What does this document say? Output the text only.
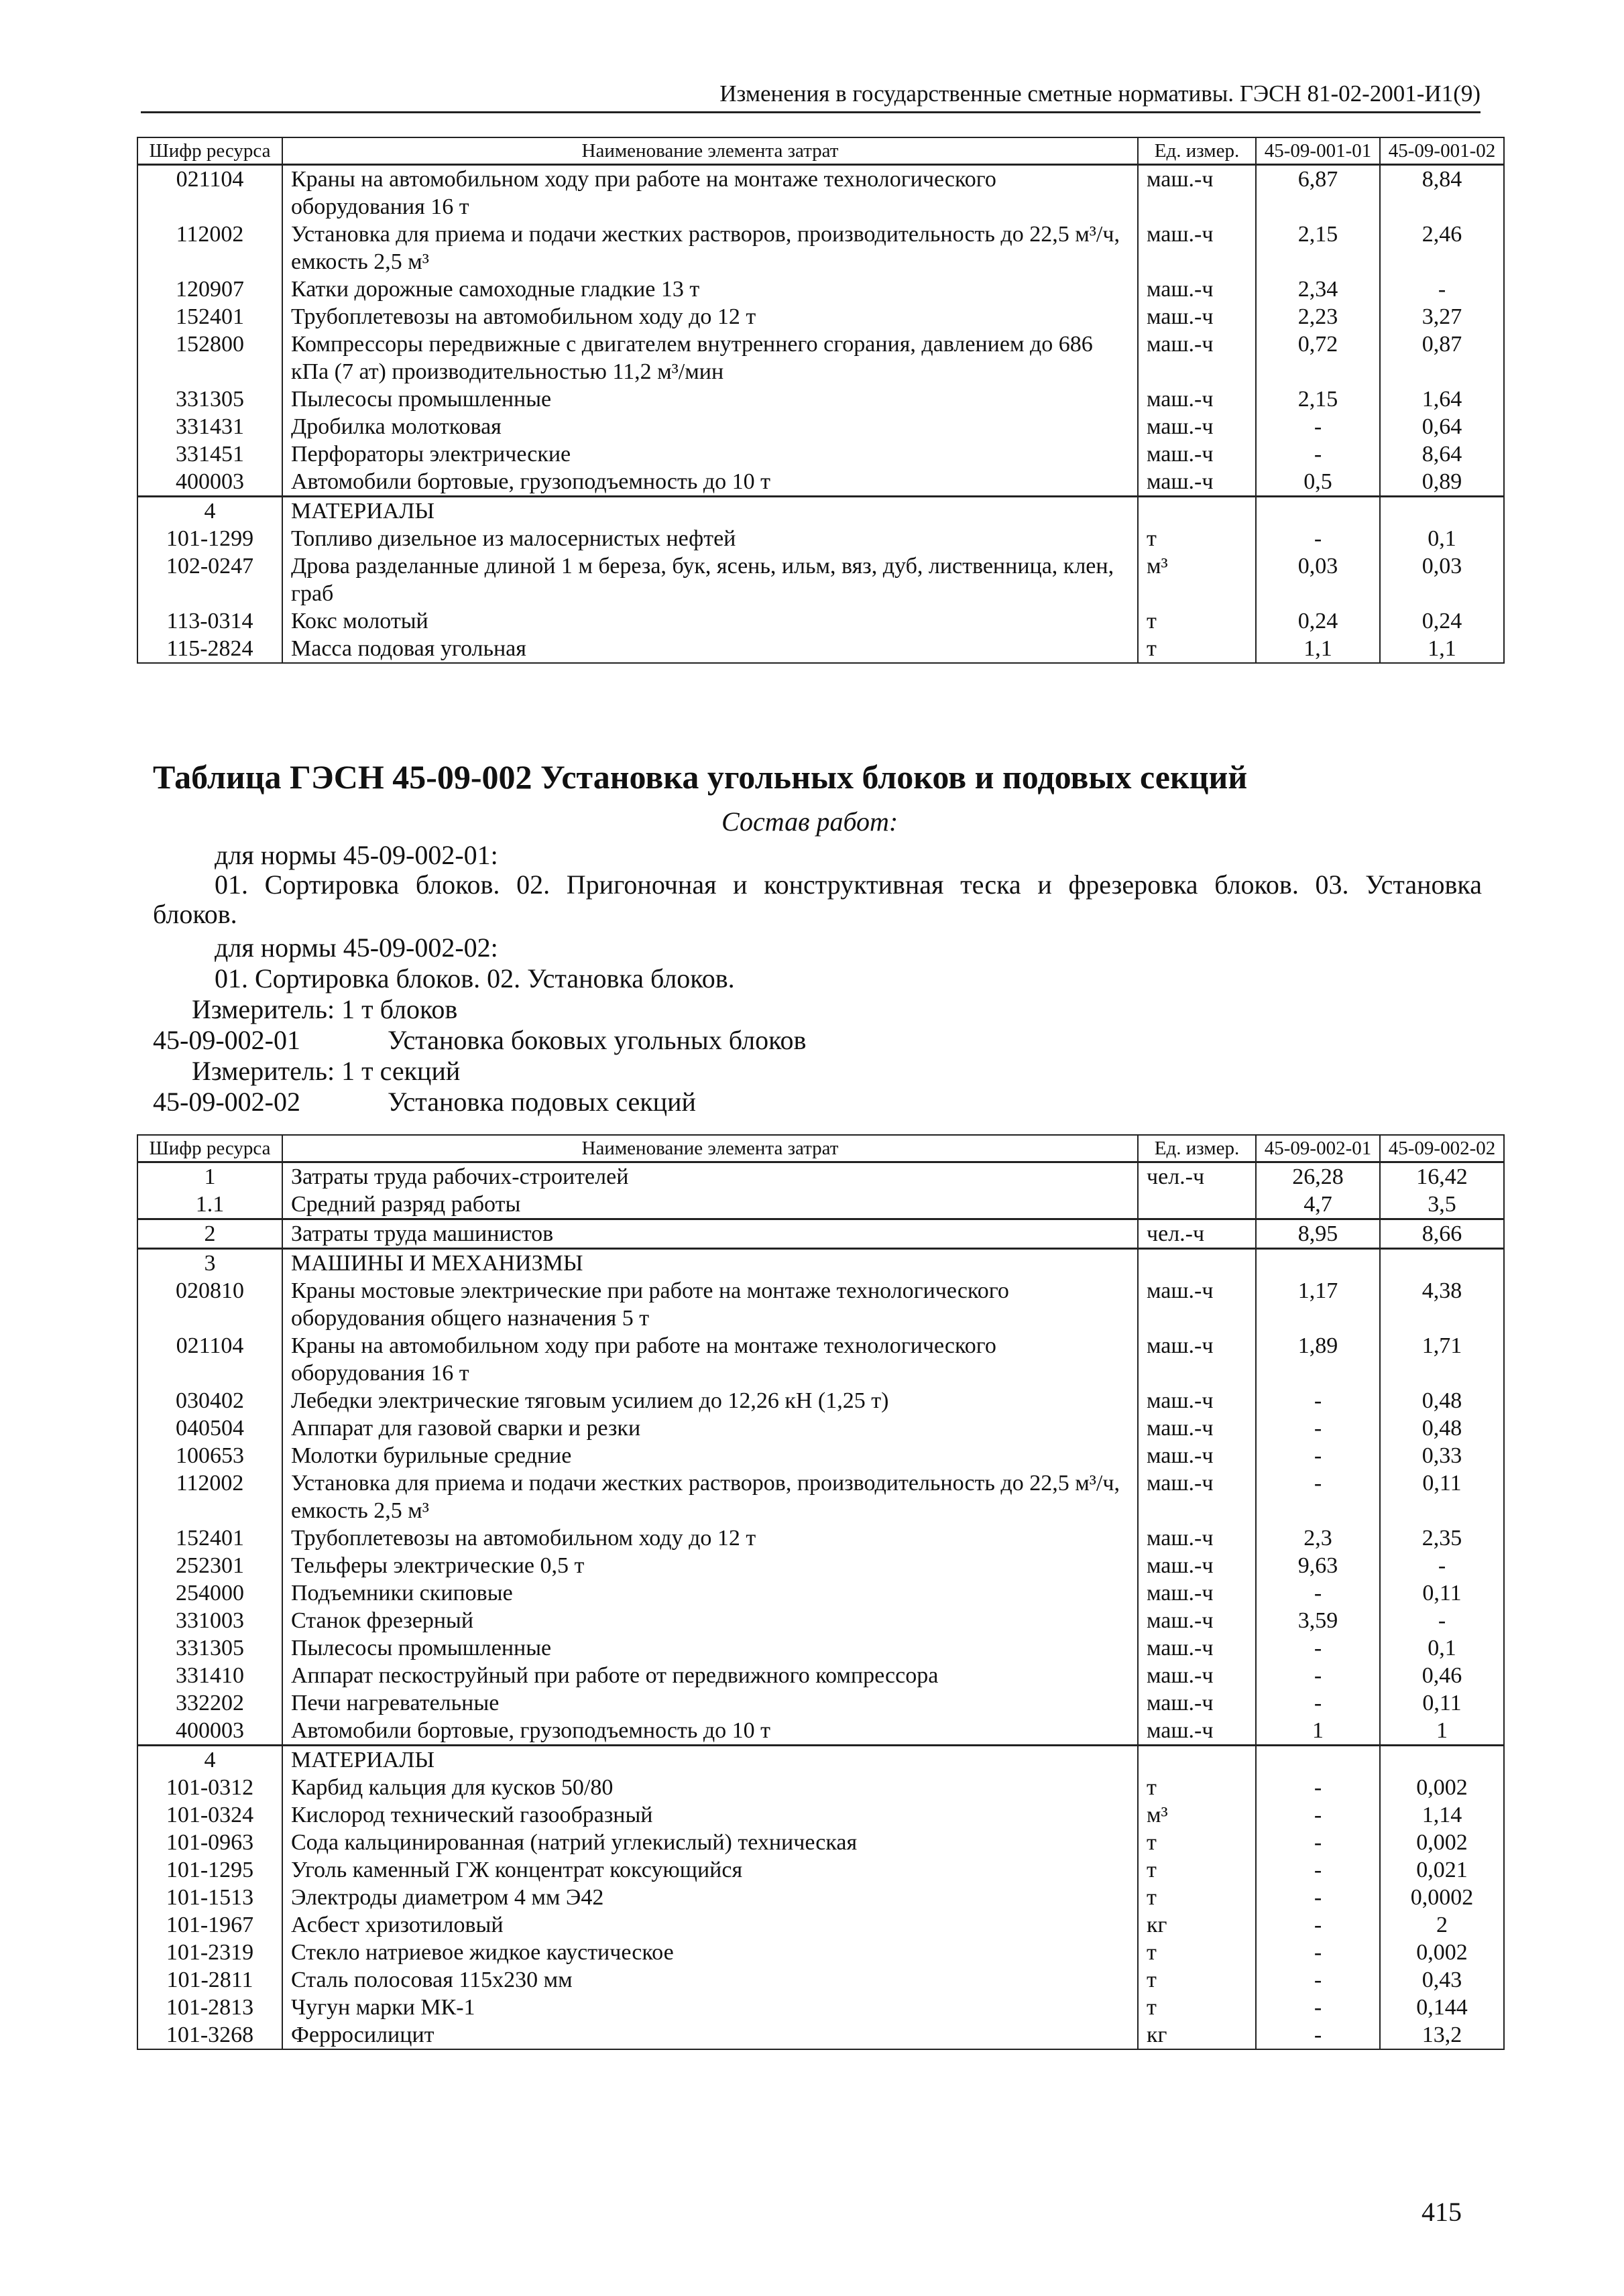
Изменения в государственные сметные нормативы. ГЭСН 81-02-2001-И1(9)
Шифр ресурса	Наименование элемента затрат	Ед. измер.	45-09-001-01	45-09-001-02
021104	Краны на автомобильном ходу при работе на монтаже технологического оборудования 16 т	маш.-ч	6,87	8,84
112002	Установка для приема и подачи жестких растворов, производительность до 22,5 м³/ч, емкость 2,5 м³	маш.-ч	2,15	2,46
120907	Катки дорожные самоходные гладкие 13 т	маш.-ч	2,34	-
152401	Трубоплетевозы на автомобильном ходу до 12 т	маш.-ч	2,23	3,27
152800	Компрессоры передвижные с двигателем внутреннего сгорания, давлением до 686 кПа (7 ат) производительностью 11,2 м³/мин	маш.-ч	0,72	0,87
331305	Пылесосы промышленные	маш.-ч	2,15	1,64
331431	Дробилка молотковая	маш.-ч	-	0,64
331451	Перфораторы электрические	маш.-ч	-	8,64
400003	Автомобили бортовые, грузоподъемность до 10 т	маш.-ч	0,5	0,89
4	МАТЕРИАЛЫ			
101-1299	Топливо дизельное из малосернистых нефтей	т	-	0,1
102-0247	Дрова разделанные длиной 1 м береза, бук, ясень, ильм, вяз, дуб, лиственница, клен, граб	м³	0,03	0,03
113-0314	Кокс молотый	т	0,24	0,24
115-2824	Масса подовая угольная	т	1,1	1,1
Таблица ГЭСН 45-09-002 Установка угольных блоков и подовых секций
Состав работ:
для нормы 45-09-002-01:
01. Сортировка блоков. 02. Пригоночная и конструктивная теска и фрезеровка блоков. 03. Установка
блоков.
для нормы 45-09-002-02:
01. Сортировка блоков. 02. Установка блоков.
Измеритель: 1 т блоков
45-09-002-01	Установка боковых угольных блоков
Измеритель: 1 т секций
45-09-002-02	Установка подовых секций
Шифр ресурса	Наименование элемента затрат	Ед. измер.	45-09-002-01	45-09-002-02
1	Затраты труда рабочих-строителей	чел.-ч	26,28	16,42
1.1	Средний разряд работы		4,7	3,5
2	Затраты труда машинистов	чел.-ч	8,95	8,66
3	МАШИНЫ И МЕХАНИЗМЫ			
020810	Краны мостовые электрические при работе на монтаже технологического оборудования общего назначения 5 т	маш.-ч	1,17	4,38
021104	Краны на автомобильном ходу при работе на монтаже технологического оборудования 16 т	маш.-ч	1,89	1,71
030402	Лебедки электрические тяговым усилием до 12,26 кН (1,25 т)	маш.-ч	-	0,48
040504	Аппарат для газовой сварки и резки	маш.-ч	-	0,48
100653	Молотки бурильные средние	маш.-ч	-	0,33
112002	Установка для приема и подачи жестких растворов, производительность до 22,5 м³/ч, емкость 2,5 м³	маш.-ч	-	0,11
152401	Трубоплетевозы на автомобильном ходу до 12 т	маш.-ч	2,3	2,35
252301	Тельферы электрические 0,5 т	маш.-ч	9,63	-
254000	Подъемники скиповые	маш.-ч	-	0,11
331003	Станок фрезерный	маш.-ч	3,59	-
331305	Пылесосы промышленные	маш.-ч	-	0,1
331410	Аппарат пескоструйный при работе от передвижного компрессора	маш.-ч	-	0,46
332202	Печи нагревательные	маш.-ч	-	0,11
400003	Автомобили бортовые, грузоподъемность до 10 т	маш.-ч	1	1
4	МАТЕРИАЛЫ			
101-0312	Карбид кальция для кусков 50/80	т	-	0,002
101-0324	Кислород технический газообразный	м³	-	1,14
101-0963	Сода кальцинированная (натрий углекислый) техническая	т	-	0,002
101-1295	Уголь каменный ГЖ концентрат коксующийся	т	-	0,021
101-1513	Электроды диаметром 4 мм Э42	т	-	0,0002
101-1967	Асбест хризотиловый	кг	-	2
101-2319	Стекло натриевое жидкое каустическое	т	-	0,002
101-2811	Сталь полосовая 115х230 мм	т	-	0,43
101-2813	Чугун марки МК-1	т	-	0,144
101-3268	Ферросилицит	кг	-	13,2
415
